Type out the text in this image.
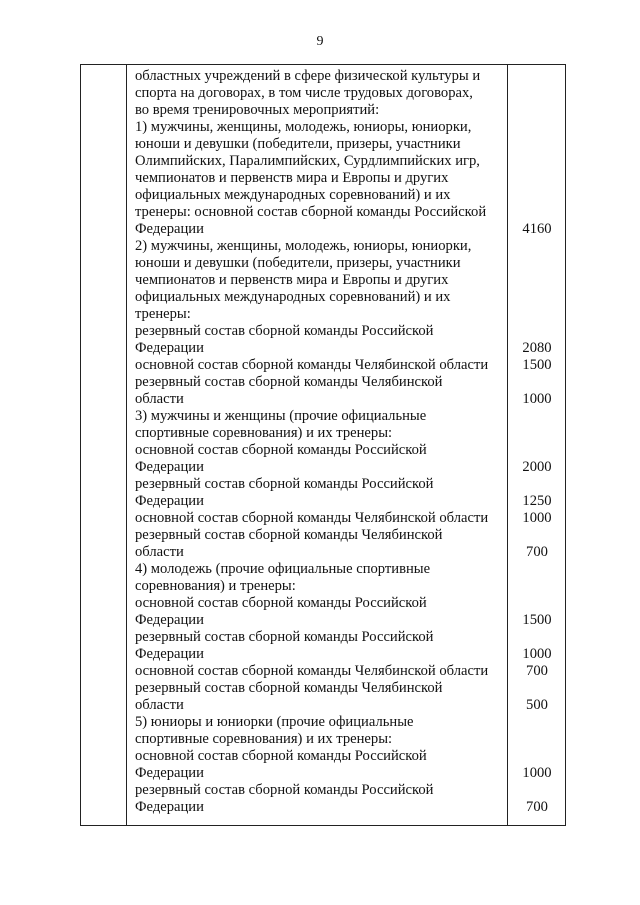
9
областных учреждений в сфере физической культуры и
спорта на договорах, в том числе трудовых договорах,
во время тренировочных мероприятий:
1) мужчины, женщины, молодежь, юниоры, юниорки,
юноши и девушки (победители, призеры, участники
Олимпийских, Паралимпийских, Сурдлимпийских игр,
чемпионатов и первенств мира и Европы и других
официальных международных соревнований) и их
тренеры: основной состав сборной команды Российской
Федерации	4160
2) мужчины, женщины, молодежь, юниоры, юниорки,
юноши и девушки (победители, призеры, участники
чемпионатов и первенств мира и Европы и других
официальных международных соревнований) и их
тренеры:
резервный состав сборной команды Российской
Федерации	2080
основной состав сборной команды Челябинской области	1500
резервный состав сборной команды Челябинской
области	1000
3) мужчины и женщины (прочие официальные
спортивные соревнования) и их тренеры:
основной состав сборной команды Российской
Федерации	2000
резервный состав сборной команды Российской
Федерации	1250
основной состав сборной команды Челябинской области	1000
резервный состав сборной команды Челябинской
области	700
4) молодежь (прочие официальные спортивные
соревнования) и тренеры:
основной состав сборной команды Российской
Федерации	1500
резервный состав сборной команды Российской
Федерации	1000
основной состав сборной команды Челябинской области	700
резервный состав сборной команды Челябинской
области	500
5) юниоры и юниорки (прочие официальные
спортивные соревнования) и их тренеры:
основной состав сборной команды Российской
Федерации	1000
резервный состав сборной команды Российской
Федерации	700
